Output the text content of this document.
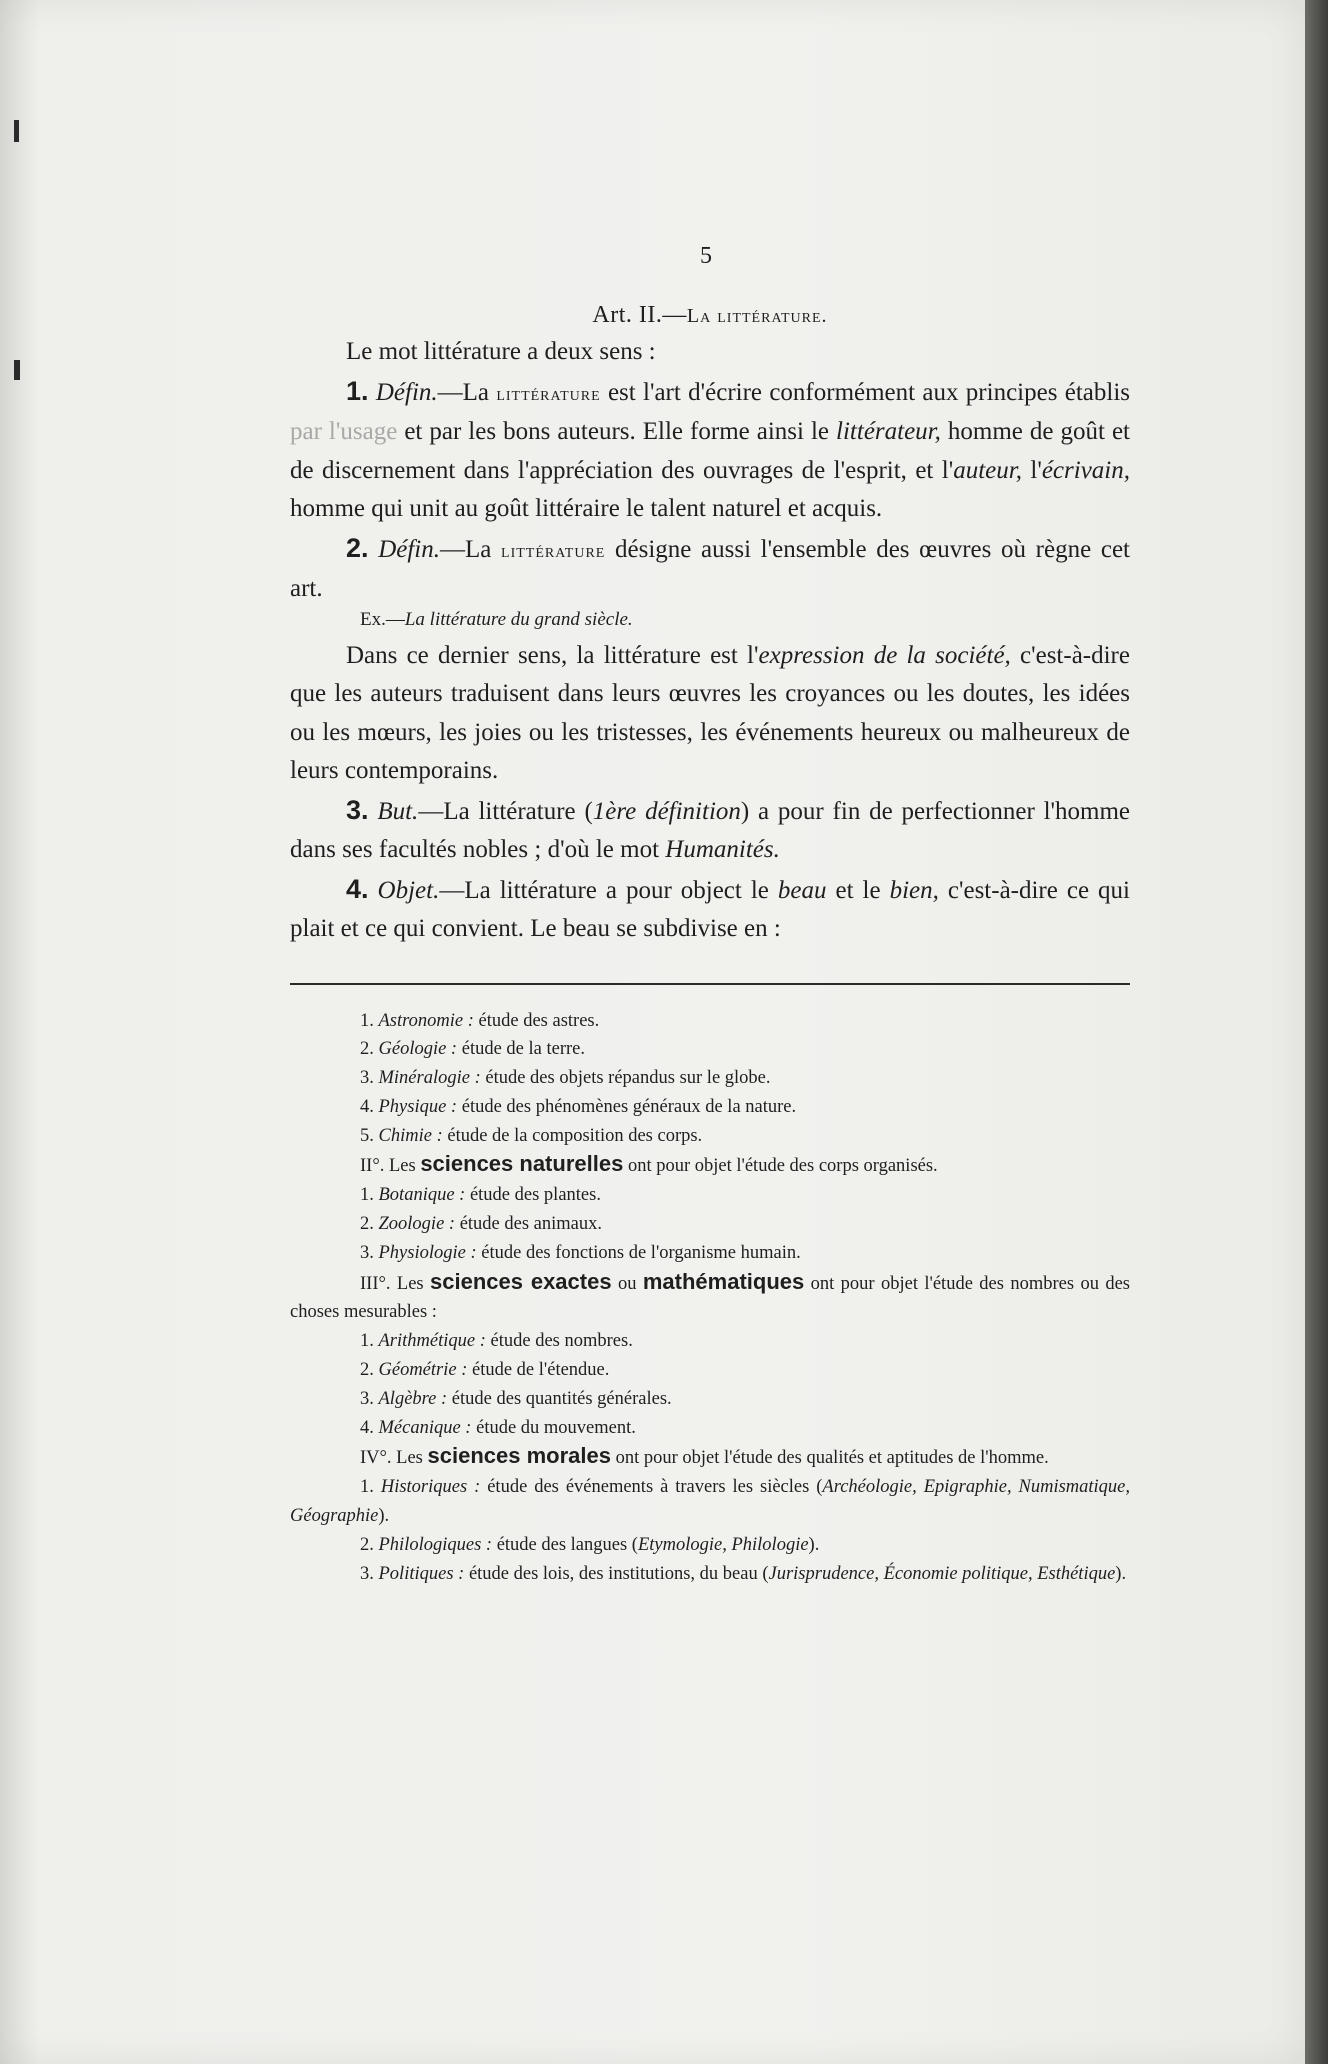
5
Art. II.—La littérature.

Le mot littérature a deux sens :

1. Défin.—La littérature est l'art d'écrire conformément aux principes établis par l'usage et par les bons auteurs. Elle forme ainsi le littérateur, homme de goût et de discernement dans l'appréciation des ouvrages de l'esprit, et l'auteur, l'écrivain, homme qui unit au goût littéraire le talent naturel et acquis.

2. Défin.—La littérature désigne aussi l'ensemble des œuvres où règne cet art.

Ex.—La littérature du grand siècle.

Dans ce dernier sens, la littérature est l'expression de la société, c'est-à-dire que les auteurs traduisent dans leurs œuvres les croyances ou les doutes, les idées ou les mœurs, les joies ou les tristesses, les événements heureux ou malheureux de leurs contemporains.

3. But.—La littérature (1ère définition) a pour fin de perfectionner l'homme dans ses facultés nobles ; d'où le mot Humanités.

4. Objet.—La littérature a pour object le beau et le bien, c'est-à-dire ce qui plait et ce qui convient. Le beau se subdivise en :

1. Astronomie : étude des astres.
2. Géologie : étude de la terre.
3. Minéralogie : étude des objets répandus sur le globe.
4. Physique : étude des phénomènes généraux de la nature.
5. Chimie : étude de la composition des corps.
II°. Les sciences naturelles ont pour objet l'étude des corps organisés.
1. Botanique : étude des plantes.
2. Zoologie : étude des animaux.
3. Physiologie : étude des fonctions de l'organisme humain.
III°. Les sciences exactes ou mathématiques ont pour objet l'étude des nombres ou des choses mesurables :
1. Arithmétique : étude des nombres.
2. Géométrie : étude de l'étendue.
3. Algèbre : étude des quantités générales.
4. Mécanique : étude du mouvement.
IV°. Les sciences morales ont pour objet l'étude des qualités et aptitudes de l'homme.
1. Historiques : étude des événements à travers les siècles (Archéologie, Epigraphie, Numismatique, Géographie).
2. Philologiques : étude des langues (Etymologie, Philologie).
3. Politiques : étude des lois, des institutions, du beau (Jurisprudence, Économie politique, Esthétique).
